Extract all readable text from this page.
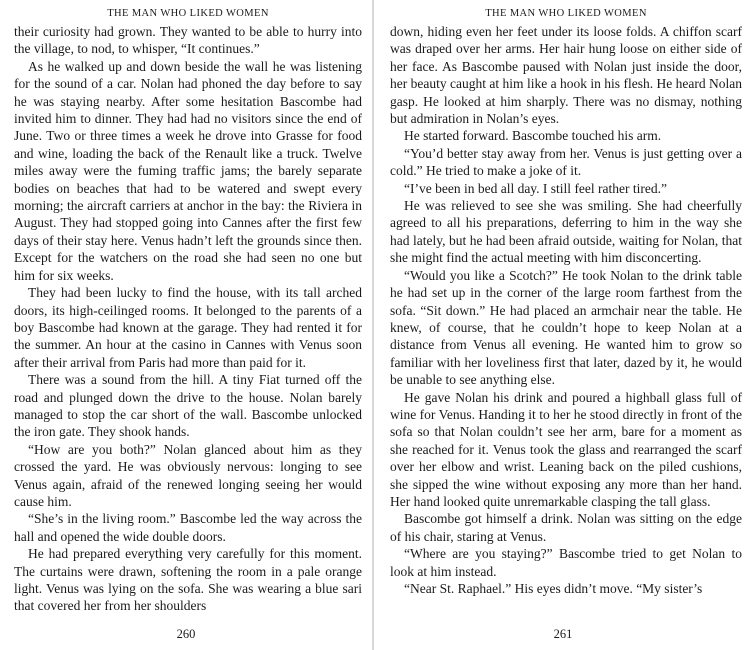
THE MAN WHO LIKED WOMEN

their curiosity had grown. They wanted to be able to hurry into the village, to nod, to whisper, “It continues.”

As he walked up and down beside the wall he was listening for the sound of a car. Nolan had phoned the day before to say he was staying nearby. After some hesitation Bascombe had invited him to dinner. They had had no visitors since the end of June. Two or three times a week he drove into Grasse for food and wine, loading the back of the Renault like a truck. Twelve miles away were the fuming traffic jams; the barely separate bodies on beaches that had to be watered and swept every morning; the aircraft carriers at anchor in the bay: the Riviera in August. They had stopped going into Cannes after the first few days of their stay here. Venus hadn’t left the grounds since then. Except for the watchers on the road she had seen no one but him for six weeks.

They had been lucky to find the house, with its tall arched doors, its high-ceilinged rooms. It belonged to the parents of a boy Bascombe had known at the garage. They had rented it for the summer. An hour at the casino in Cannes with Venus soon after their arrival from Paris had more than paid for it.

There was a sound from the hill. A tiny Fiat turned off the road and plunged down the drive to the house. Nolan barely managed to stop the car short of the wall. Bascombe unlocked the iron gate. They shook hands.

“How are you both?” Nolan glanced about him as they crossed the yard. He was obviously nervous: longing to see Venus again, afraid of the renewed longing seeing her would cause him.

“She’s in the living room.” Bascombe led the way across the hall and opened the wide double doors.

He had prepared everything very carefully for this moment. The curtains were drawn, softening the room in a pale orange light. Venus was lying on the sofa. She was wearing a blue sari that covered her from her shoulders

260
THE MAN WHO LIKED WOMEN

down, hiding even her feet under its loose folds. A chiffon scarf was draped over her arms. Her hair hung loose on either side of her face. As Bascombe paused with Nolan just inside the door, her beauty caught at him like a hook in his flesh. He heard Nolan gasp. He looked at him sharply. There was no dismay, nothing but admiration in Nolan’s eyes.

He started forward. Bascombe touched his arm.

“You’d better stay away from her. Venus is just getting over a cold.” He tried to make a joke of it.

“I’ve been in bed all day. I still feel rather tired.”

He was relieved to see she was smiling. She had cheerfully agreed to all his preparations, deferring to him in the way she had lately, but he had been afraid outside, waiting for Nolan, that she might find the actual meeting with him disconcerting.

“Would you like a Scotch?” He took Nolan to the drink table he had set up in the corner of the large room farthest from the sofa. “Sit down.” He had placed an armchair near the table. He knew, of course, that he couldn’t hope to keep Nolan at a distance from Venus all evening. He wanted him to grow so familiar with her loveliness first that later, dazed by it, he would be unable to see anything else.

He gave Nolan his drink and poured a highball glass full of wine for Venus. Handing it to her he stood directly in front of the sofa so that Nolan couldn’t see her arm, bare for a moment as she reached for it. Venus took the glass and rearranged the scarf over her elbow and wrist. Leaning back on the piled cushions, she sipped the wine without exposing any more than her hand. Her hand looked quite unremarkable clasping the tall glass.

Bascombe got himself a drink. Nolan was sitting on the edge of his chair, staring at Venus.

“Where are you staying?” Bascombe tried to get Nolan to look at him instead.

“Near St. Raphael.” His eyes didn’t move. “My sister’s

261
